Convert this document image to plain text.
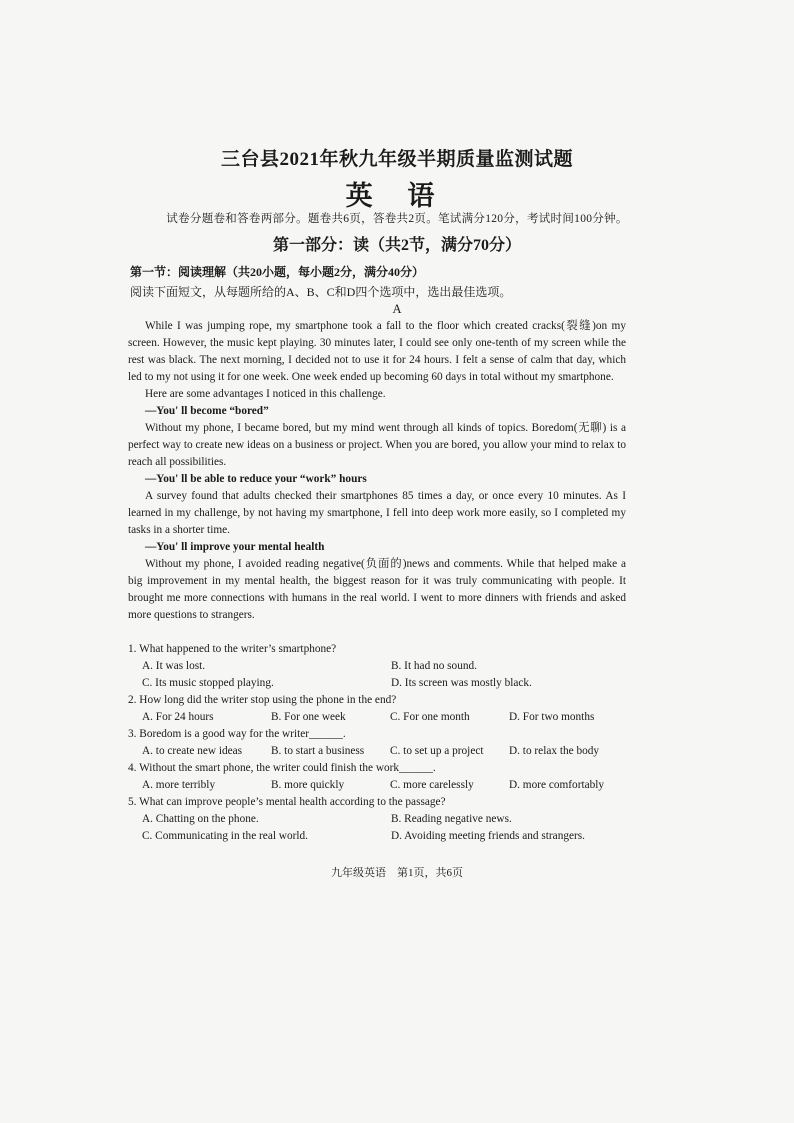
三台县2021年秋九年级半期质量监测试题
英 语
试卷分题卷和答卷两部分。题卷共6页，答卷共2页。笔试满分120分，考试时间100分钟。
第一部分：读（共2节，满分70分）
第一节：阅读理解（共20小题，每小题2分，满分40分）
阅读下面短文，从每题所给的A、B、C和D四个选项中，选出最佳选项。
A

While I was jumping rope, my smartphone took a fall to the floor which created cracks(裂缝)on my screen. However, the music kept playing. 30 minutes later, I could see only one-tenth of my screen while the rest was black. The next morning, I decided not to use it for 24 hours. I felt a sense of calm that day, which led to my not using it for one week. One week ended up becoming 60 days in total without my smartphone.

Here are some advantages I noticed in this challenge.

—You' ll become “bored”

Without my phone, I became bored, but my mind went through all kinds of topics. Boredom(无聊) is a perfect way to create new ideas on a business or project. When you are bored, you allow your mind to relax to reach all possibilities.

—You' ll be able to reduce your “work” hours

A survey found that adults checked their smartphones 85 times a day, or once every 10 minutes. As I learned in my challenge, by not having my smartphone, I fell into deep work more easily, so I completed my tasks in a shorter time.

—You' ll improve your mental health

Without my phone, I avoided reading negative(负面的)news and comments. While that helped make a big improvement in my mental health, the biggest reason for it was truly communicating with people. It brought me more connections with humans in the real world. I went to more dinners with friends and asked more questions to strangers.

1. What happened to the writer’s smartphone?

A. It was lost.	B. It had no sound.
C. Its music stopped playing.	D. Its screen was mostly black.

2. How long did the writer stop using the phone in the end?

A. For 24 hours	B. For one week	C. For one month	D. For two months

3. Boredom is a good way for the writer______.

A. to create new ideas	B. to start a business C. to set up a project D. to relax the body

4. Without the smart phone, the writer could finish the work______.

A. more terribly	B. more quickly	C. more carelessly	D. more comfortably

5. What can improve people’s mental health according to the passage?

A. Chatting on the phone.	B. Reading negative news.
C. Communicating in the real world.	D. Avoiding meeting friends and strangers.
九年级英语　第1页，共6页
